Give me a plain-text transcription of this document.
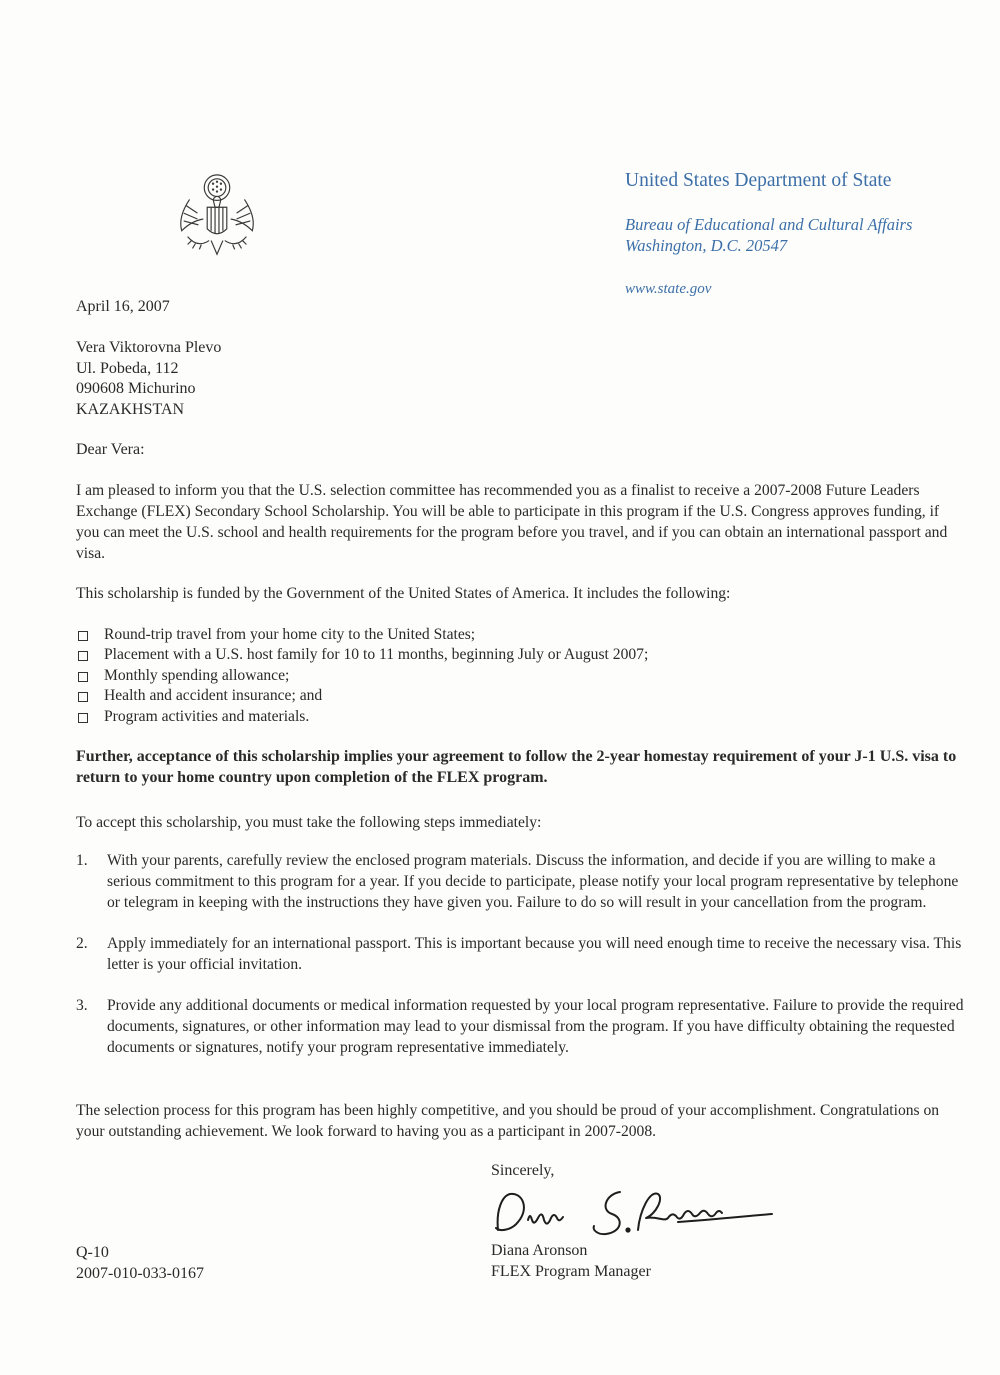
United States Department of State
Bureau of Educational and Cultural Affairs
Washington, D.C. 20547
www.state.gov
April 16, 2007
Vera Viktorovna Plevo
Ul. Pobeda, 112
090608 Michurino
KAZAKHSTAN
Dear Vera:
I am pleased to inform you that the U.S. selection committee has recommended you as a finalist to receive a 2007-2008 Future Leaders Exchange (FLEX) Secondary School Scholarship. You will be able to participate in this program if the U.S. Congress approves funding, if you can meet the U.S. school and health requirements for the program before you travel, and if you can obtain an international passport and visa.
This scholarship is funded by the Government of the United States of America. It includes the following:
Round-trip travel from your home city to the United States;
Placement with a U.S. host family for 10 to 11 months, beginning July or August 2007;
Monthly spending allowance;
Health and accident insurance; and
Program activities and materials.
Further, acceptance of this scholarship implies your agreement to follow the 2-year homestay requirement of your J-1 U.S. visa to return to your home country upon completion of the FLEX program.
To accept this scholarship, you must take the following steps immediately:
1. With your parents, carefully review the enclosed program materials. Discuss the information, and decide if you are willing to make a serious commitment to this program for a year. If you decide to participate, please notify your local program representative by telephone or telegram in keeping with the instructions they have given you. Failure to do so will result in your cancellation from the program.
2. Apply immediately for an international passport. This is important because you will need enough time to receive the necessary visa. This letter is your official invitation.
3. Provide any additional documents or medical information requested by your local program representative. Failure to provide the required documents, signatures, or other information may lead to your dismissal from the program. If you have difficulty obtaining the requested documents or signatures, notify your program representative immediately.
The selection process for this program has been highly competitive, and you should be proud of your accomplishment. Congratulations on your outstanding achievement. We look forward to having you as a participant in 2007-2008.
Sincerely,
Diana Aronson
FLEX Program Manager
Q-10
2007-010-033-0167
